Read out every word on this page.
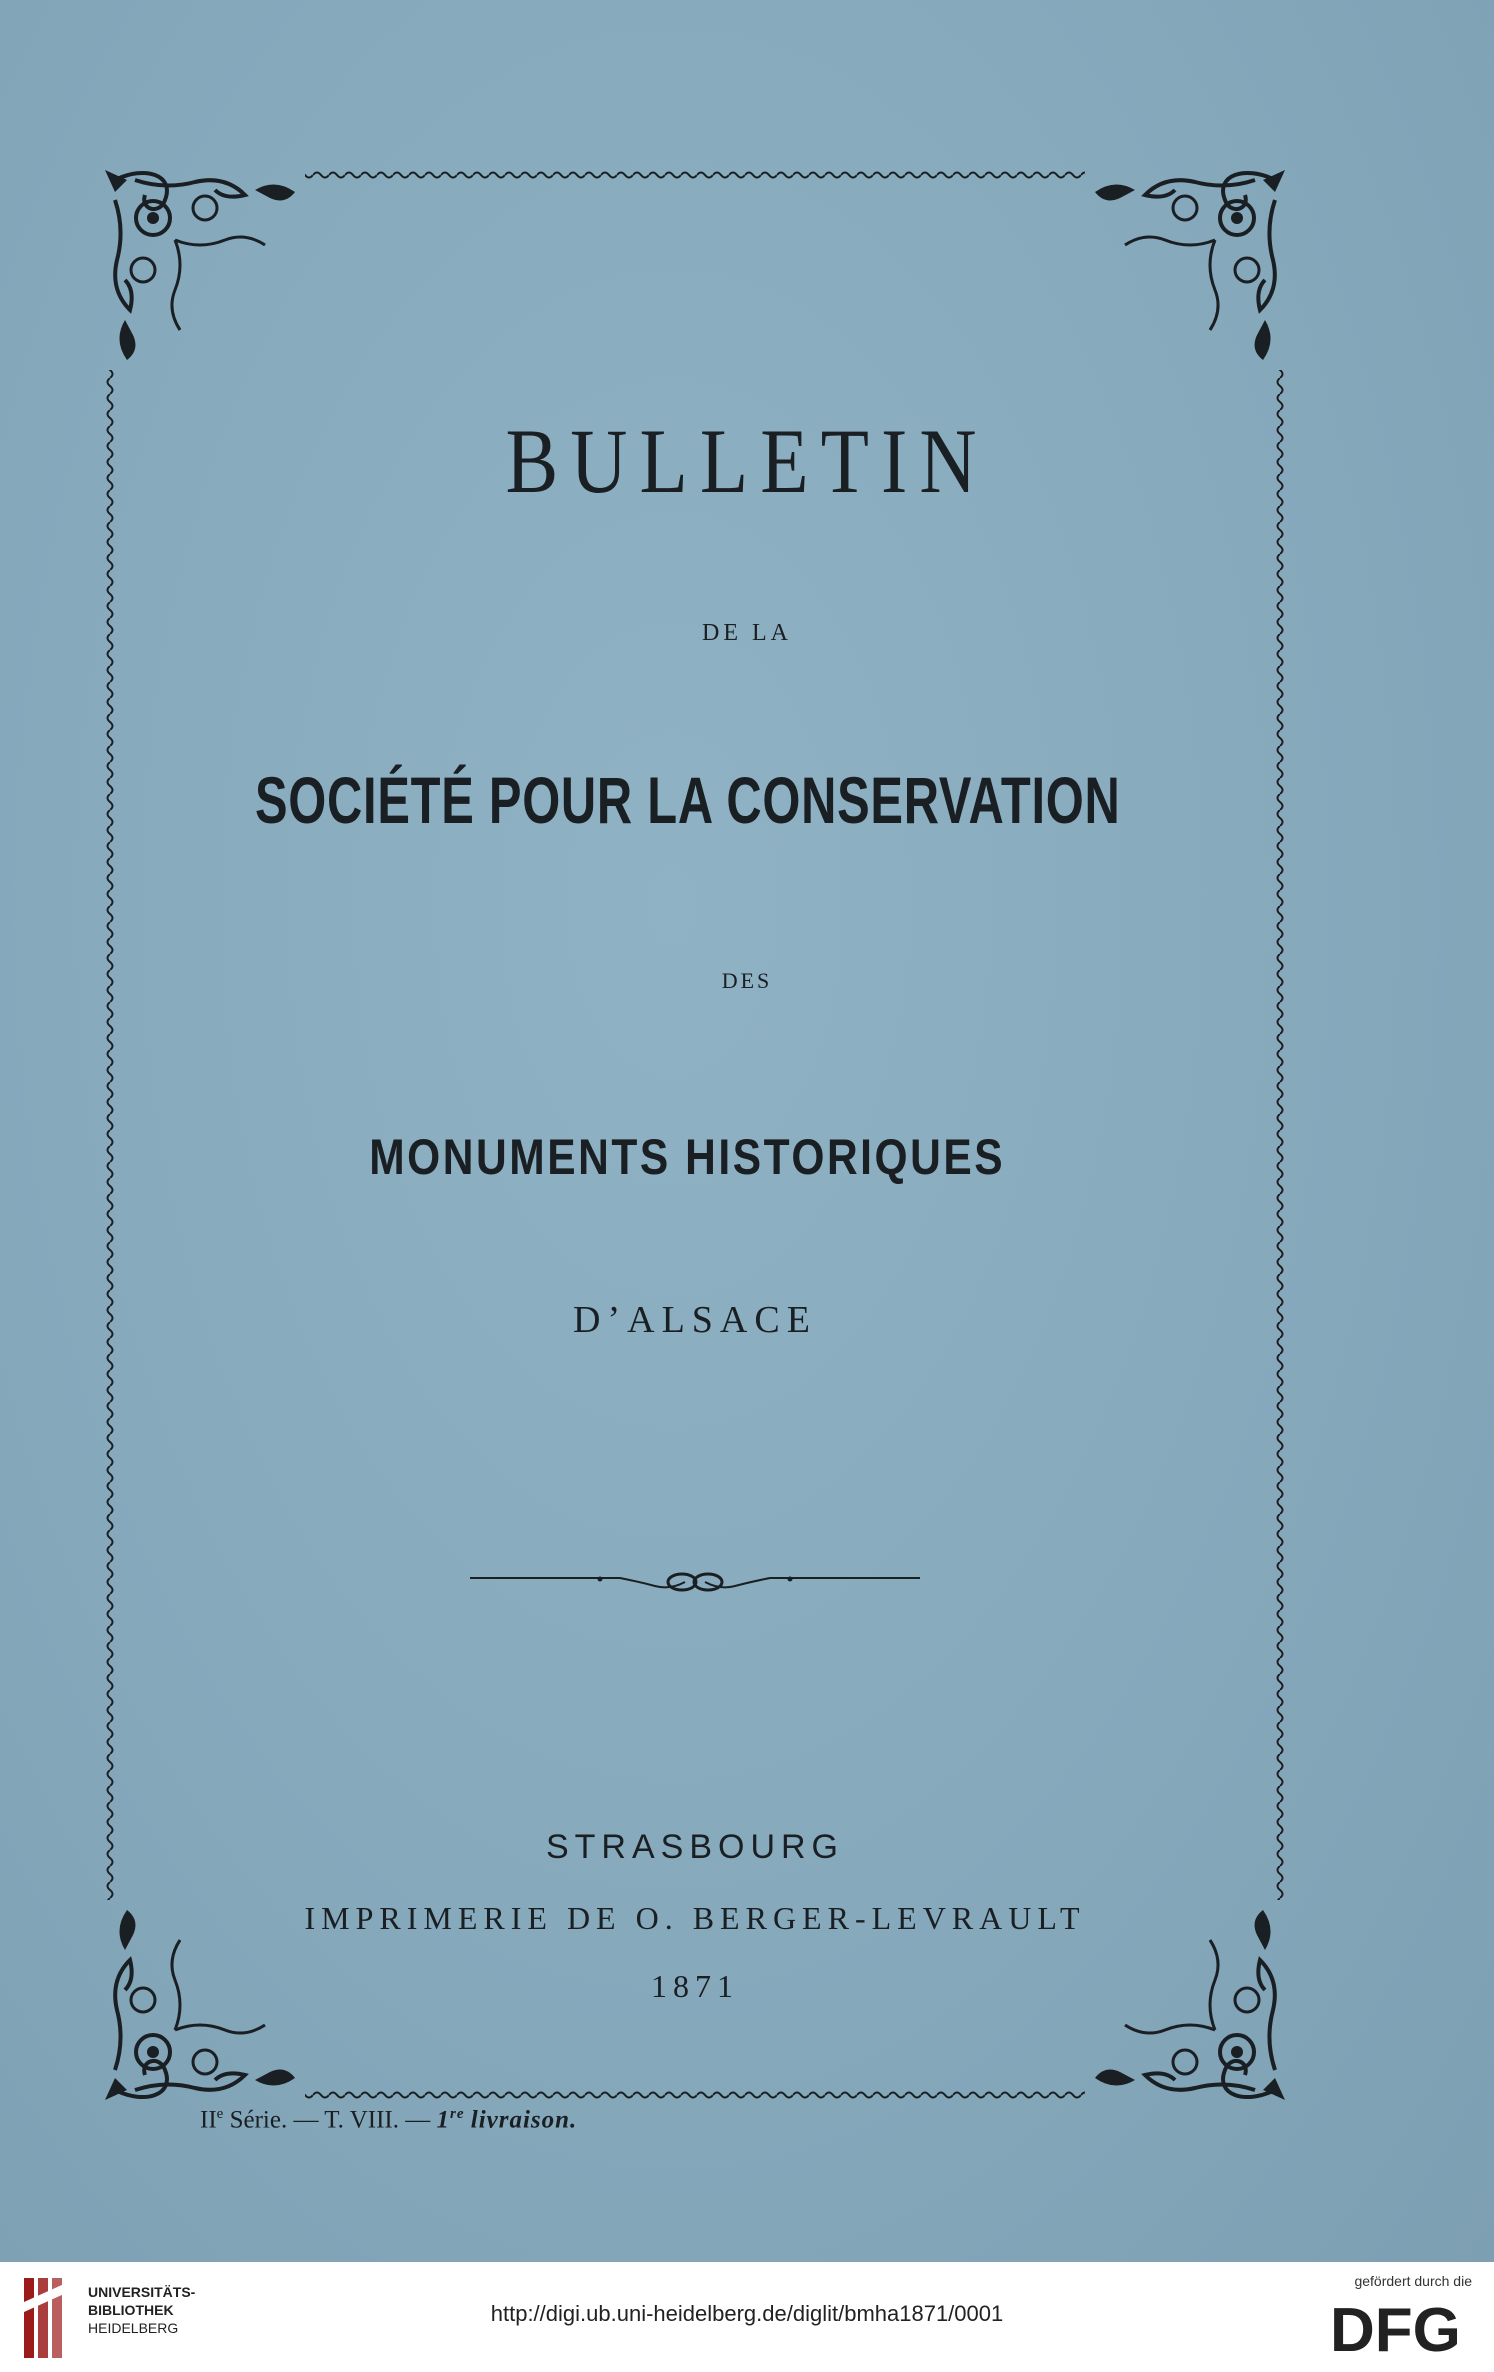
BULLETIN
DE LA
SOCIÉTÉ POUR LA CONSERVATION
DES
MONUMENTS HISTORIQUES
D’ALSACE
STRASBOURG
IMPRIMERIE DE O. BERGER-LEVRAULT
1871
IIe Série. — T. VIII. — 1re livraison.
UNIVERSITÄTS-
BIBLIOTHEK
HEIDELBERG
http://digi.ub.uni-heidelberg.de/diglit/bmha1871/0001
gefördert durch die
DFG
